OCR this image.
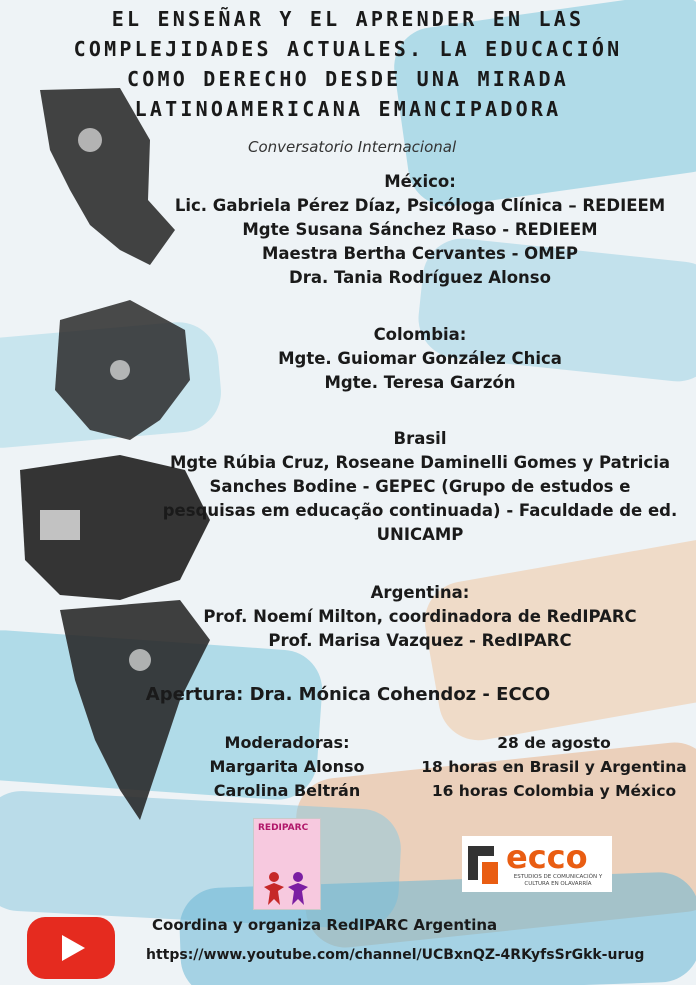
EL ENSEÑAR Y EL APRENDER EN LAS
COMPLEJIDADES ACTUALES. LA EDUCACIÓN
COMO DERECHO DESDE UNA MIRADA
LATINOAMERICANA EMANCIPADORA
Conversatorio Internacional
México:
Lic. Gabriela Pérez Díaz, Psicóloga Clínica – REDIEEM
Mgte Susana Sánchez Raso - REDIEEM
Maestra Bertha Cervantes - OMEP
Dra. Tania Rodríguez Alonso
Colombia:
Mgte. Guiomar González Chica
Mgte. Teresa Garzón
Brasil
Mgte Rúbia Cruz, Roseane Daminelli Gomes y Patricia
Sanches Bodine - GEPEC (Grupo de estudos e
pesquisas em educação continuada) - Faculdade de ed.
UNICAMP
Argentina:
Prof. Noemí Milton, coordinadora de RedIPARC
Prof. Marisa Vazquez - RedIPARC
Apertura: Dra. Mónica Cohendoz - ECCO
Moderadoras:
Margarita Alonso
Carolina Beltrán
28 de agosto
18 horas en Brasil y Argentina
16 horas Colombia y México
REDIPARC
ecco
ESTUDIOS DE COMUNICACIÓN Y CULTURA EN OLAVARRÍA
Coordina y organiza RedIPARC Argentina
https://www.youtube.com/channel/UCBxnQZ-4RKyfsSrGkk-urug
